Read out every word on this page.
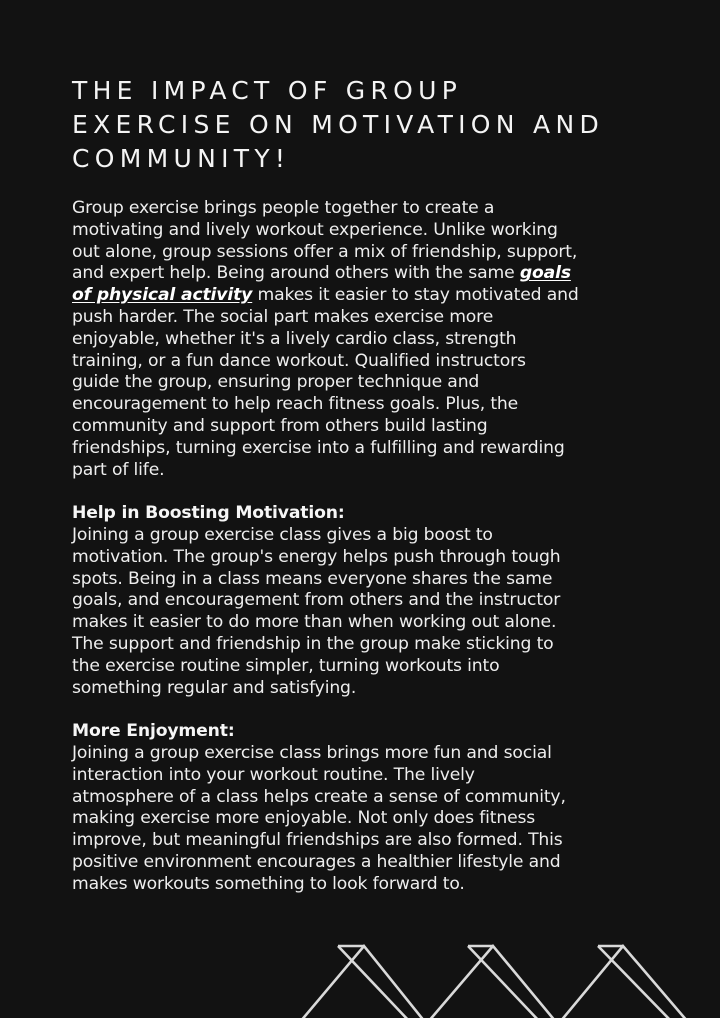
THE IMPACT OF GROUP
EXERCISE ON MOTIVATION AND
COMMUNITY!

Group exercise brings people together to create a
motivating and lively workout experience. Unlike working
out alone, group sessions offer a mix of friendship, support,
and expert help. Being around others with the same goals
of physical activity makes it easier to stay motivated and
push harder. The social part makes exercise more
enjoyable, whether it's a lively cardio class, strength
training, or a fun dance workout. Qualified instructors
guide the group, ensuring proper technique and
encouragement to help reach fitness goals. Plus, the
community and support from others build lasting
friendships, turning exercise into a fulfilling and rewarding
part of life.

Help in Boosting Motivation:
Joining a group exercise class gives a big boost to
motivation. The group's energy helps push through tough
spots. Being in a class means everyone shares the same
goals, and encouragement from others and the instructor
makes it easier to do more than when working out alone.
The support and friendship in the group make sticking to
the exercise routine simpler, turning workouts into
something regular and satisfying.

More Enjoyment:
Joining a group exercise class brings more fun and social
interaction into your workout routine. The lively
atmosphere of a class helps create a sense of community,
making exercise more enjoyable. Not only does fitness
improve, but meaningful friendships are also formed. This
positive environment encourages a healthier lifestyle and
makes workouts something to look forward to.
